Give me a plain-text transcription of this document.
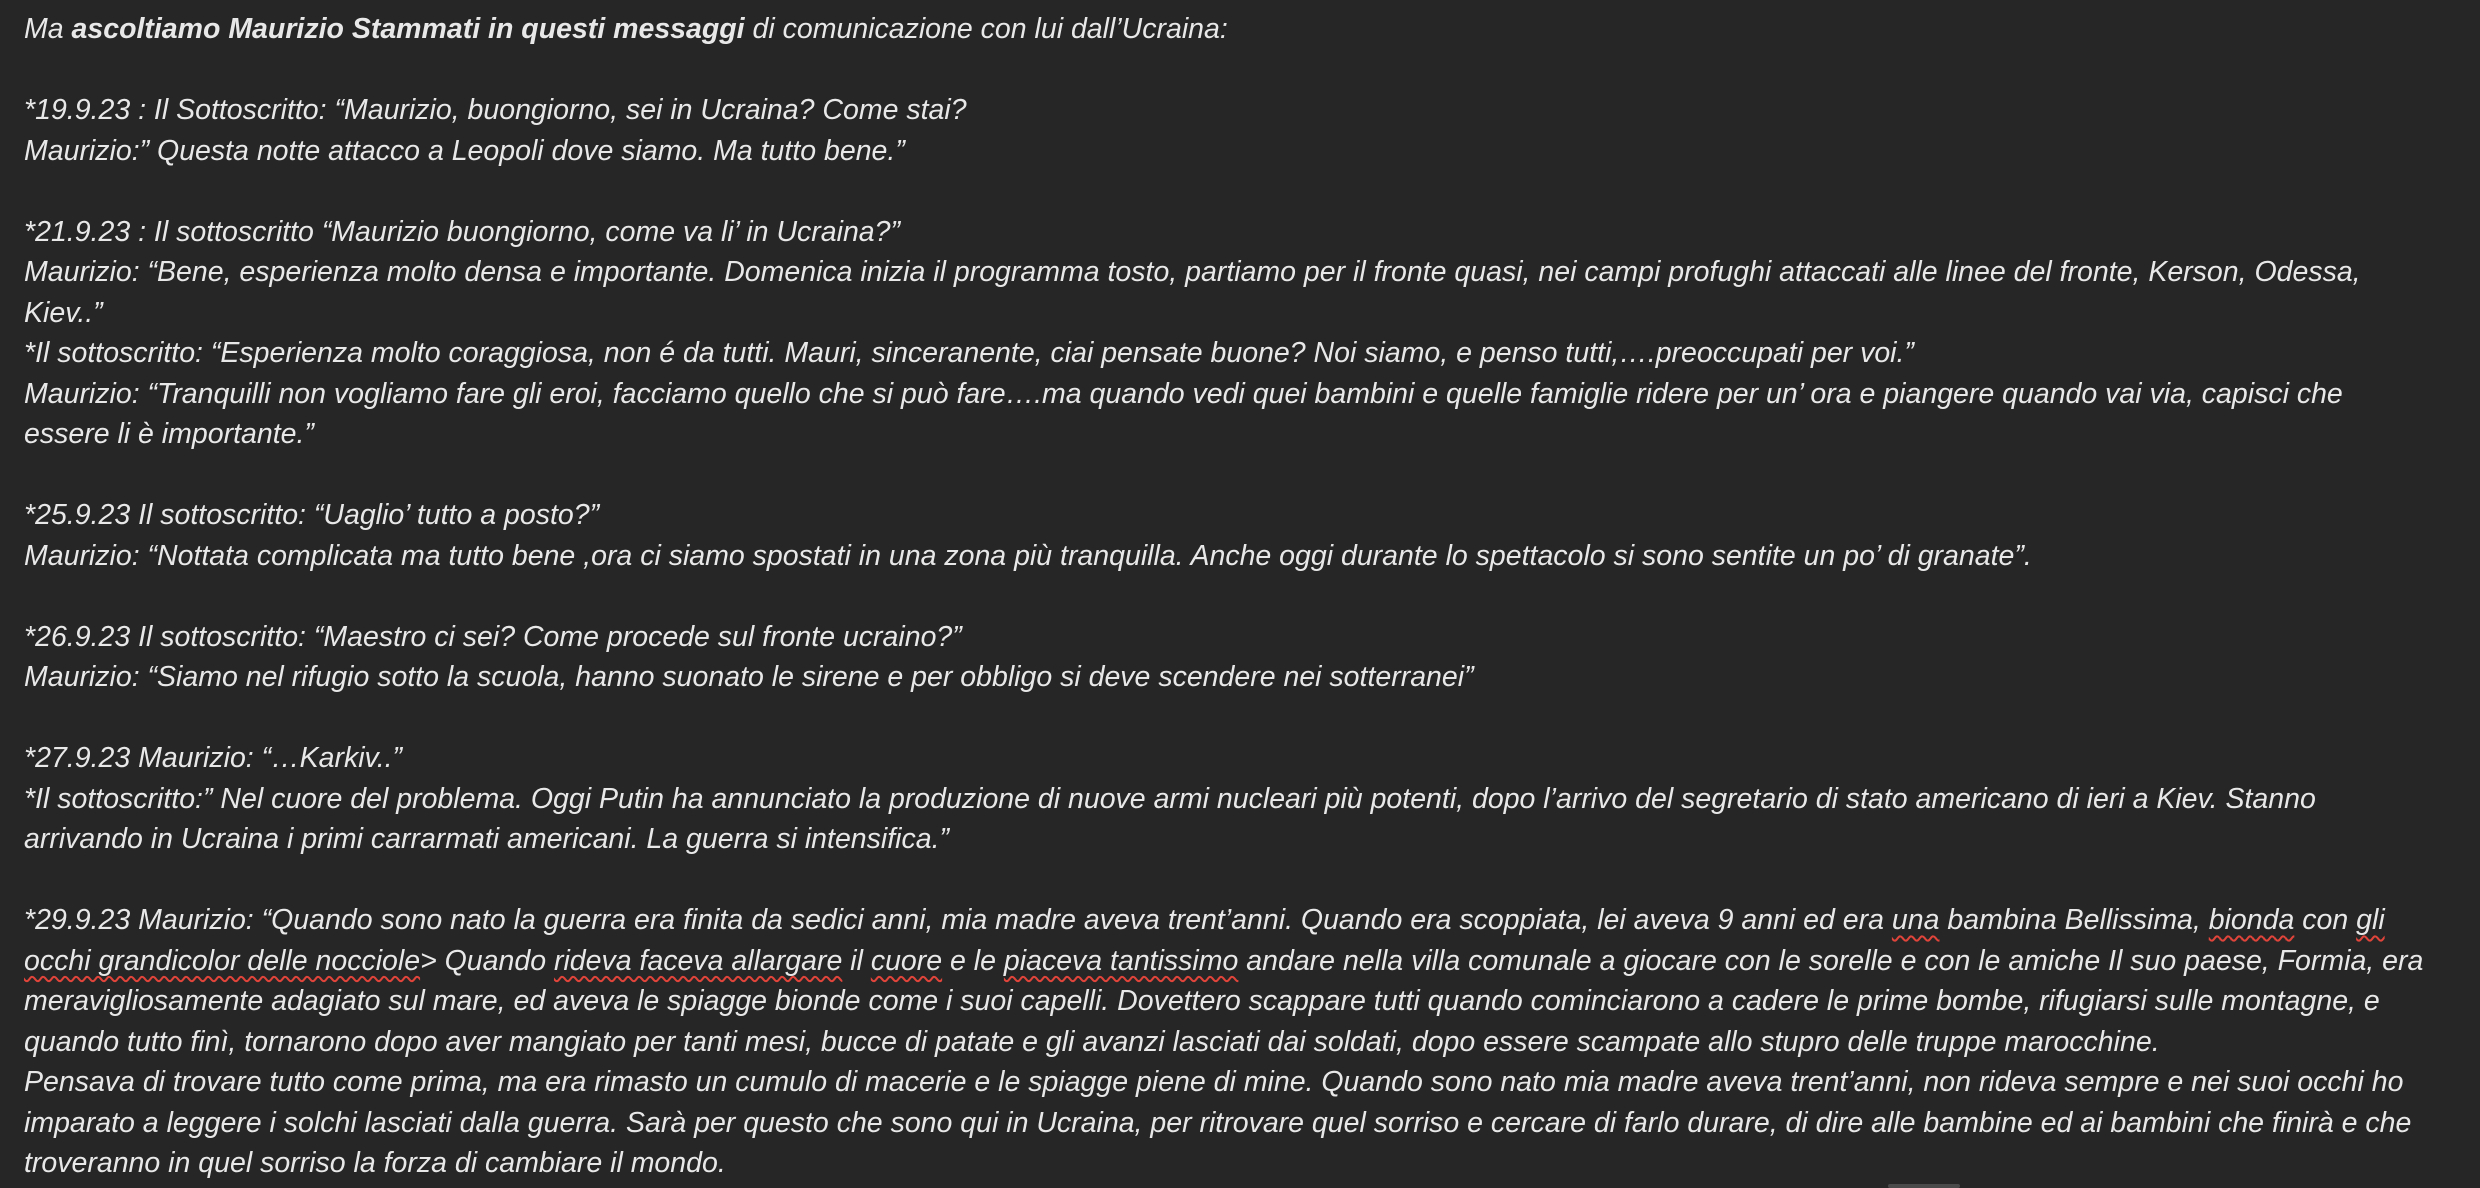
Ma ascoltiamo Maurizio Stammati in questi messaggi di comunicazione con lui dall’Ucraina:
*19.9.23 : Il Sottoscritto: “Maurizio, buongiorno, sei in Ucraina? Come stai?
Maurizio:” Questa notte attacco a Leopoli dove siamo. Ma tutto bene.”
*21.9.23 : Il sottoscritto “Maurizio buongiorno, come va li’ in Ucraina?”
Maurizio: “Bene, esperienza molto densa e importante. Domenica inizia il programma tosto, partiamo per il fronte quasi, nei campi profughi attaccati alle linee del fronte, Kerson, Odessa,
Kiev..”
*Il sottoscritto: “Esperienza molto coraggiosa, non é da tutti. Mauri, sinceranente, ciai pensate buone? Noi siamo, e penso tutti,….preoccupati per voi.”
Maurizio: “Tranquilli non vogliamo fare gli eroi, facciamo quello che si può fare….ma quando vedi quei bambini e quelle famiglie ridere per un’ ora e piangere quando vai via, capisci che
essere li è importante.”
*25.9.23 Il sottoscritto: “Uaglio’ tutto a posto?”
Maurizio: “Nottata complicata ma tutto bene ,ora ci siamo spostati in una zona più tranquilla. Anche oggi durante lo spettacolo si sono sentite un po’ di granate”.
*26.9.23 Il sottoscritto: “Maestro ci sei? Come procede sul fronte ucraino?”
Maurizio: “Siamo nel rifugio sotto la scuola, hanno suonato le sirene e per obbligo si deve scendere nei sotterranei”
*27.9.23 Maurizio: “…Karkiv..”
*Il sottoscritto:” Nel cuore del problema. Oggi Putin ha annunciato la produzione di nuove armi nucleari più potenti, dopo l’arrivo del segretario di stato americano di ieri a Kiev. Stanno
arrivando in Ucraina i primi carrarmati americani. La guerra si intensifica.”
*29.9.23 Maurizio: “Quando sono nato la guerra era finita da sedici anni, mia madre aveva trent’anni. Quando era scoppiata, lei aveva 9 anni ed era una bambina Bellissima, bionda con gli
occhi grandicolor delle nocciole> Quando rideva faceva allargare il cuore e le piaceva tantissimo andare nella villa comunale a giocare con le sorelle e con le amiche Il suo paese, Formia, era
meravigliosamente adagiato sul mare, ed aveva le spiagge bionde come i suoi capelli. Dovettero scappare tutti quando cominciarono a cadere le prime bombe, rifugiarsi sulle montagne, e
quando tutto finì, tornarono dopo aver mangiato per tanti mesi, bucce di patate e gli avanzi lasciati dai soldati, dopo essere scampate allo stupro delle truppe marocchine.
Pensava di trovare tutto come prima, ma era rimasto un cumulo di macerie e le spiagge piene di mine. Quando sono nato mia madre aveva trent’anni, non rideva sempre e nei suoi occhi ho
imparato a leggere i solchi lasciati dalla guerra. Sarà per questo che sono qui in Ucraina, per ritrovare quel sorriso e cercare di farlo durare, di dire alle bambine ed ai bambini che finirà e che
troveranno in quel sorriso la forza di cambiare il mondo.
